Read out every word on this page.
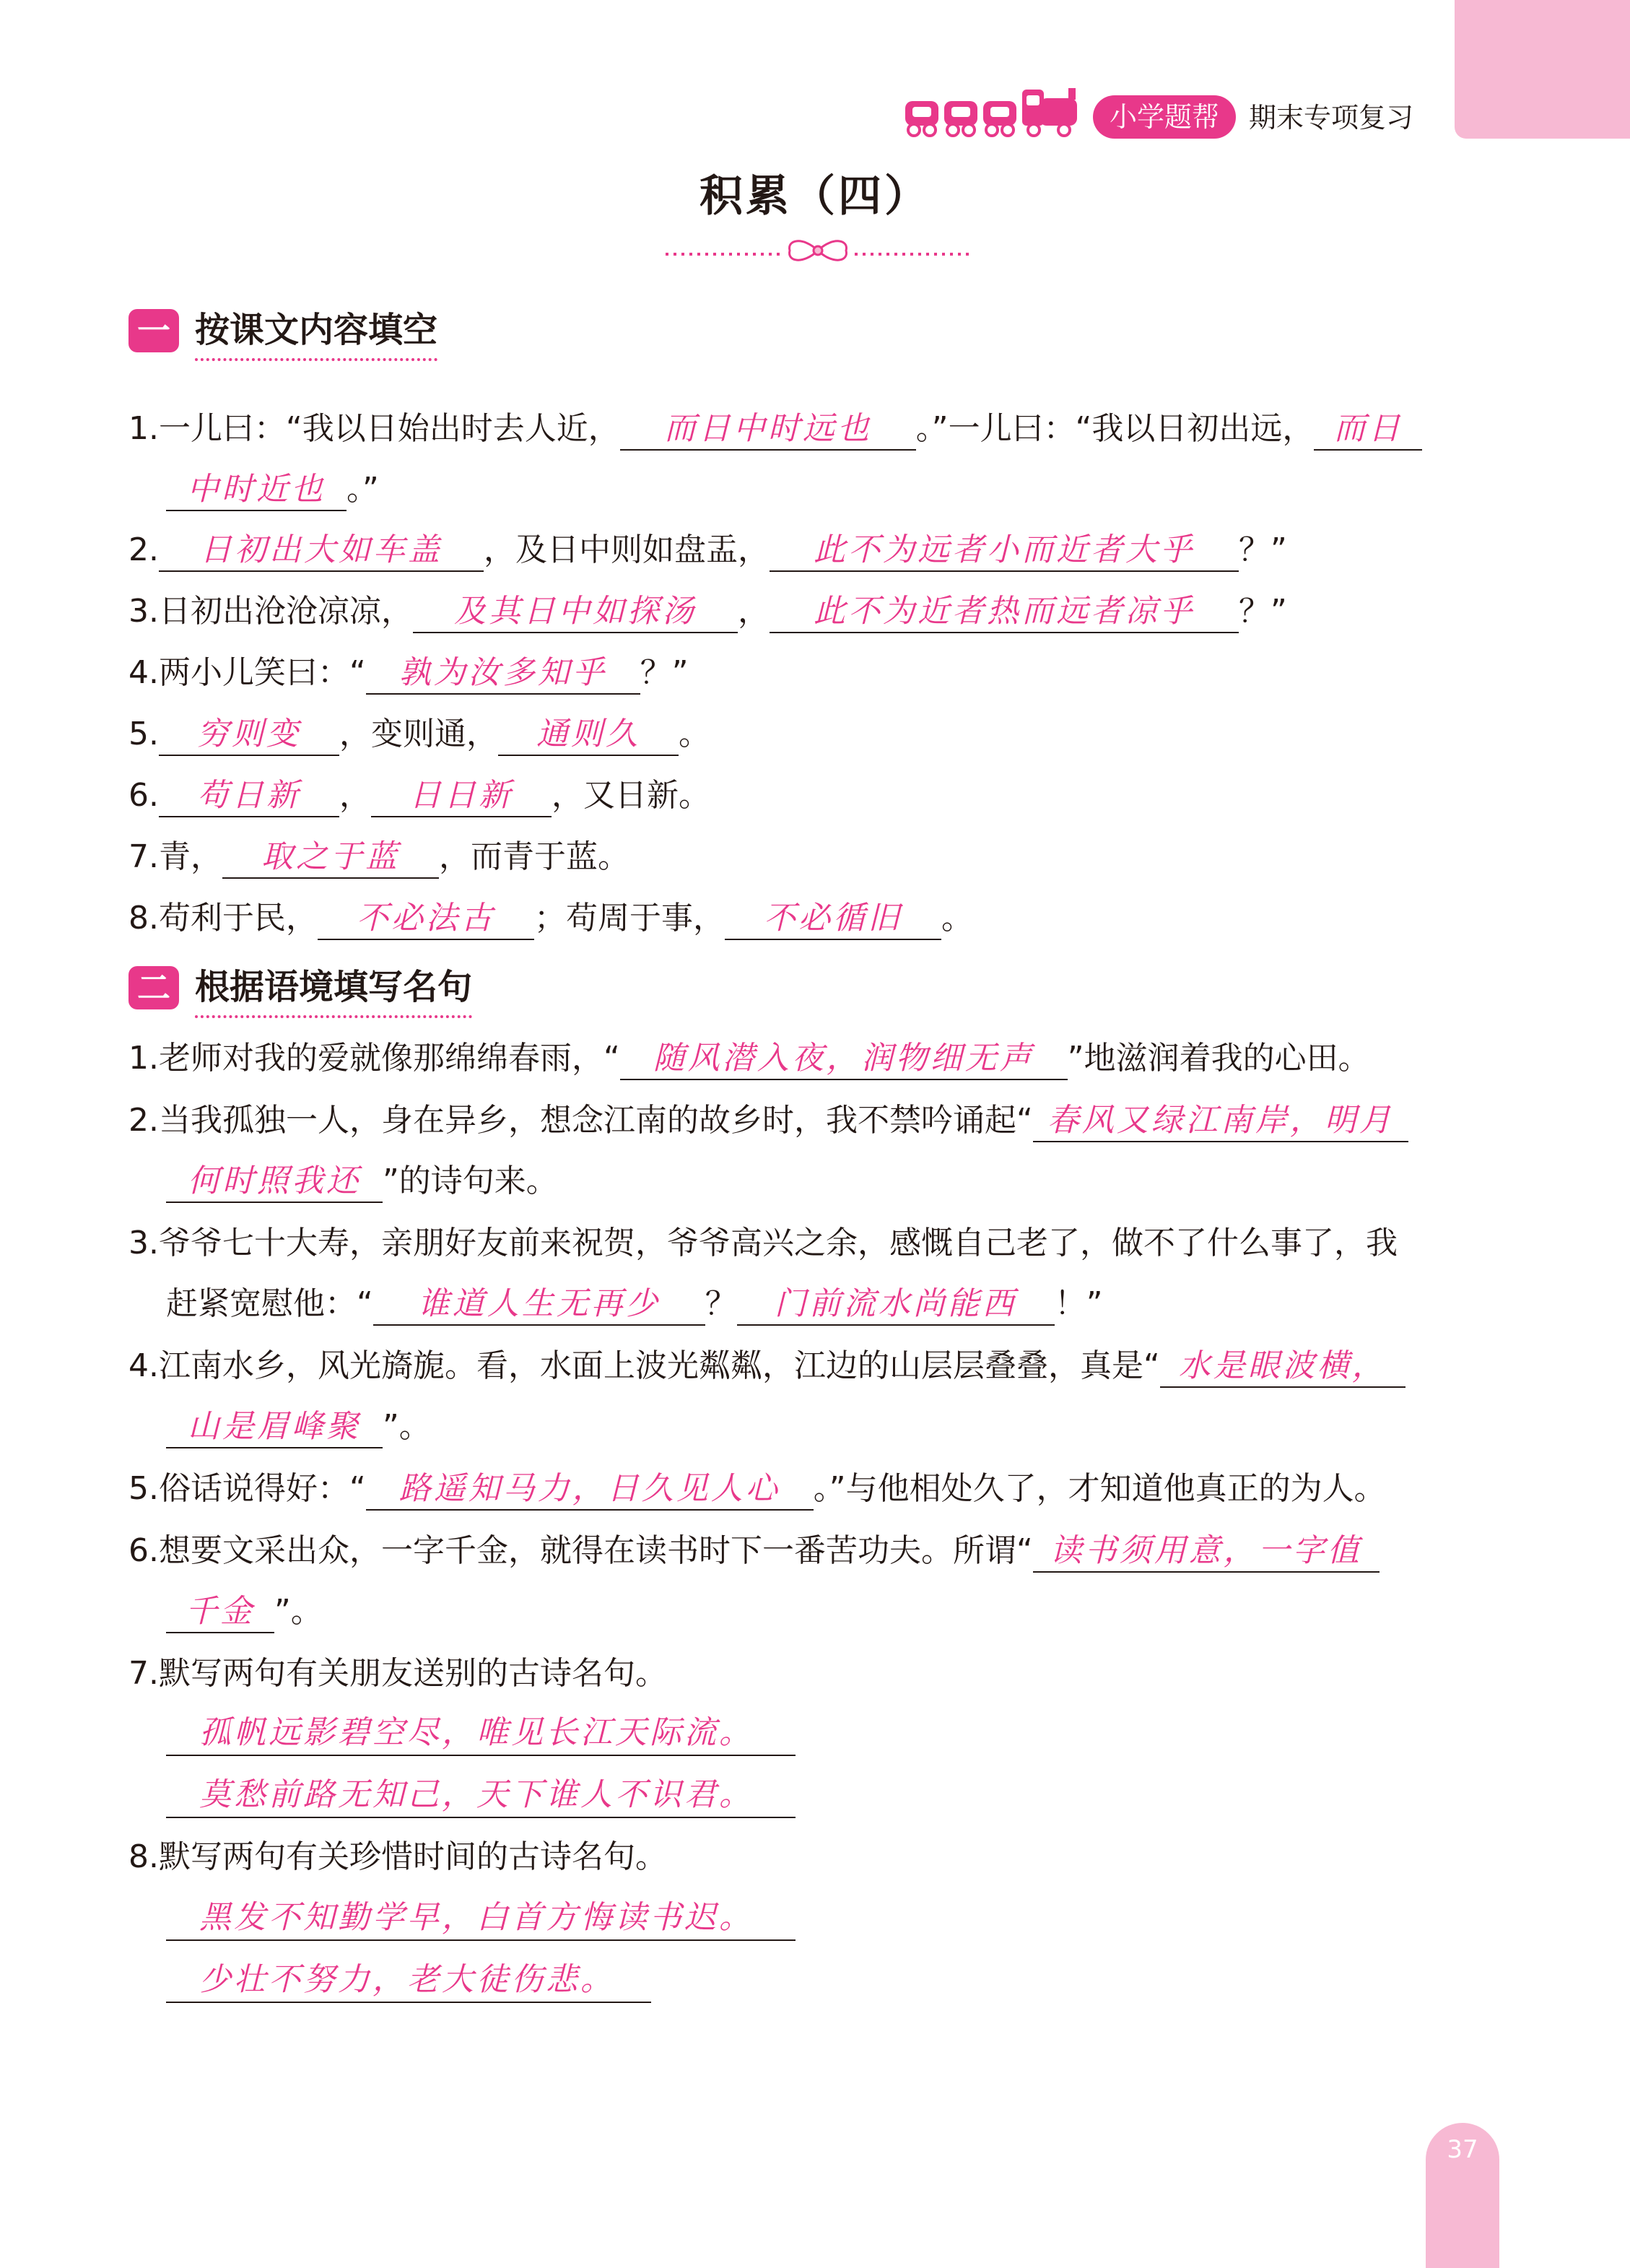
小学题帮	期末专项复习
积累（四）
一 按课文内容填空
1.一儿曰：“我以日始出时去人近， 而日中时远也 。”一儿曰：“我以日初出远， 而日
中时近也 。”
2. 日初出大如车盖 ，及日中则如盘盂， 此不为远者小而近者大乎 ？”
3.日初出沧沧凉凉， 及其日中如探汤 ， 此不为近者热而远者凉乎 ？”
4.两小儿笑曰：“ 孰为汝多知乎 ？”
5. 穷则变 ，变则通， 通则久 。
6. 苟日新 ， 日日新 ，又日新。
7.青， 取之于蓝 ，而青于蓝。
8.苟利于民， 不必法古 ；苟周于事， 不必循旧 。
二 根据语境填写名句
1.老师对我的爱就像那绵绵春雨，“ 随风潜入夜，润物细无声 ”地滋润着我的心田。
2.当我孤独一人，身在异乡，想念江南的故乡时，我不禁吟诵起“ 春风又绿江南岸，明月
何时照我还 ”的诗句来。
3.爷爷七十大寿，亲朋好友前来祝贺，爷爷高兴之余，感慨自己老了，做不了什么事了，我
赶紧宽慰他：“ 谁道人生无再少 ？ 门前流水尚能西 ！”
4.江南水乡，风光旖旎。看，水面上波光粼粼，江边的山层层叠叠，真是“ 水是眼波横，
山是眉峰聚 ”。
5.俗话说得好：“ 路遥知马力，日久见人心 。”与他相处久了，才知道他真正的为人。
6.想要文采出众，一字千金，就得在读书时下一番苦功夫。所谓“ 读书须用意，一字值
千金 ”。
7.默写两句有关朋友送别的古诗名句。
孤帆远影碧空尽，唯见长江天际流。
莫愁前路无知己，天下谁人不识君。
8.默写两句有关珍惜时间的古诗名句。
黑发不知勤学早，白首方悔读书迟。
少壮不努力，老大徒伤悲。
37
